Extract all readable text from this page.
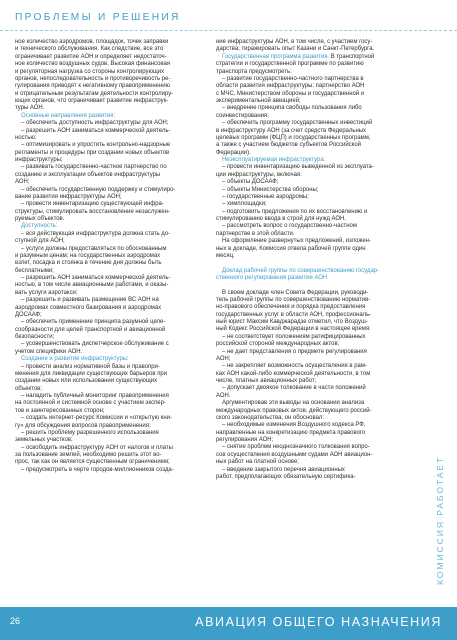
ПРОБЛЕМЫ И РЕШЕНИЯ

ное количество аэродромов, площадок, точек заправки

и технического обслуживания. Как следствие, все это

ограничивает развитие АОН и определяет недостаточ-

ное количество воздушных судов. Высокая финансовая

и регуляторная нагрузка со стороны контролирующих

органов, непоследовательность и противоречивость ре-

гулирования приводят к негативному правоприменению

и отрицательным результатам деятельности контролиру-

ющих органов, что ограничивает развитие инфраструк-

туры АОН.

Основные направления развития:

– обеспечить доступность инфраструктуры для АОН;

– разрешить АОН заниматься коммерческой деятель-

ностью;

– оптимизировать и упростить контрольно-надзорные

регламенты и процедуры при создании новых объектов

инфраструктуры;

– развивать государственно-частное партнерство по

созданию и эксплуатации объектов инфраструктуры

АОН;

– обеспечить государственную поддержку и стимулиро-

вание развития инфраструктуры АОН;

– провести инвентаризацию существующей инфра-

структуры, стимулировать восстановление незаслужен-

руемых объектов.

Доступность:

– вся действующая инфраструктура должна стать до-

ступной для АОН;

– услуги должны предоставляться по обоснованным

и разумным ценам; на государственных аэродромах

взлет, посадка и стоянка в течение дня должны быть

бесплатными;

– разрешить АОН заниматься коммерческой деятель-

ностью, в том числе авиационными работами, и оказы-

вать услуги аэротакси;

– разрешить и развивать размещение ВС АОН на

аэродромах совместного базирования и аэродромах

ДОСААФ;

– обеспечить применение принципа разумной целе-

сообразности для целей транспортной и авиационной

безопасности;

– усовершенствовать диспетчерское обслуживание с

учетом специфики АОН.

Создание и развитие инфраструктуры:

– провести анализ нормативной базы и правопри-

менения для ликвидации существующих барьеров при

создании новых или использовании существующих

объектов;

– наладить публичный мониторинг правоприменения

на постоянной и системной основе с участием экспер-

тов и заинтересованных сторон;

– создать интернет-ресурс Комиссии и «открытую кни-

гу» для обсуждения вопросов правоприменения;

– решить проблему разрешенного использования

земельных участков;

– освободить инфраструктуру АОН от налогов и платы

за пользование землей, необходимо решить этот во-

прос, так как он является существенным ограничением;

– предусмотреть в черте городов-миллионников созда-

ние инфраструктуры АОН, в том числе, с участием госу-

дарства; тиражировать опыт Казани и Санкт-Петербурга.

Государственная программа развития. В транспортной

стратегии и государственной программе по развитию

транспорта предусмотреть:

– развитие государственно-частного партнерства в

области развития инфраструктуры: партнерство АОН

с МЧС, Министерством обороны и государственной и

экспериментальной авиацией;

– внедрение принципа свободы пользования либо

соинвестирования;

– обеспечить программу государственных инвестиций

в инфраструктуру АОН (за счет средств Федеральных

целевых программ (ФЦП) и государственных программ,

а также с участием бюджетов субъектов Российской

Федерации).

Неэксплуатируемая инфраструктура:

– провести инвентаризацию выведенной из эксплуата-

ции инфраструктуры, включая:

– объекты ДОСААФ;

– объекты Министерства обороны;

– государственные аэродромы;

– химплощадки;

– подготовить предложения по их восстановлению и

стимулированию ввода в строй для нужд АОН.

– рассмотреть вопрос о государственно-частном

партнерстве в этой области.

На оформление развернутых предложений, изложен-

ных в докладе, Комиссия отвела рабочей группе один

месяц.

Доклад рабочей группы по совершенствованию государ-

ственного регулирования развития АОН

В своем докладе член Совета Федерации, руководи-

тель рабочей группы по совершенствованию норматив-

но-правового обеспечения и порядка предоставления

государственных услуг в области АОН, профессиональ-

ный юрист Максим Кавджарадзе отметил, что Воздуш-

ный Кодекс Российской Федерации в настоящее время:

– не соответствует положениям ратифицированных

российской стороной международных актов;

– не дает представления о предмете регулирования

АОН;

– не закрепляет возможность осуществления в рам-

ках АОН какой-либо коммерческой деятельности, в том

числе, платных авиационных работ;

– допускает двоякое толкование в части положений

АОН.

Аргументировав эти выводы на основании анализа

международных правовых актов, действующего россий-

ского законодательства, он обосновал:

– необходимые изменения Воздушного кодекса РФ,

направленные на конкретизацию предмета правового

регулирования АОН;

– снятие проблем неоднозначного толкования вопро-

сов осуществления воздушными судами АОН авиацион-

ных работ на платной основе;

– введение закрытого перечня авиационных

работ, предполагающих обязательную сертифика-	КОМИССИЯ РАБОТАЕТ
26	АВИАЦИЯ ОБЩЕГО НАЗНАЧЕНИЯ
